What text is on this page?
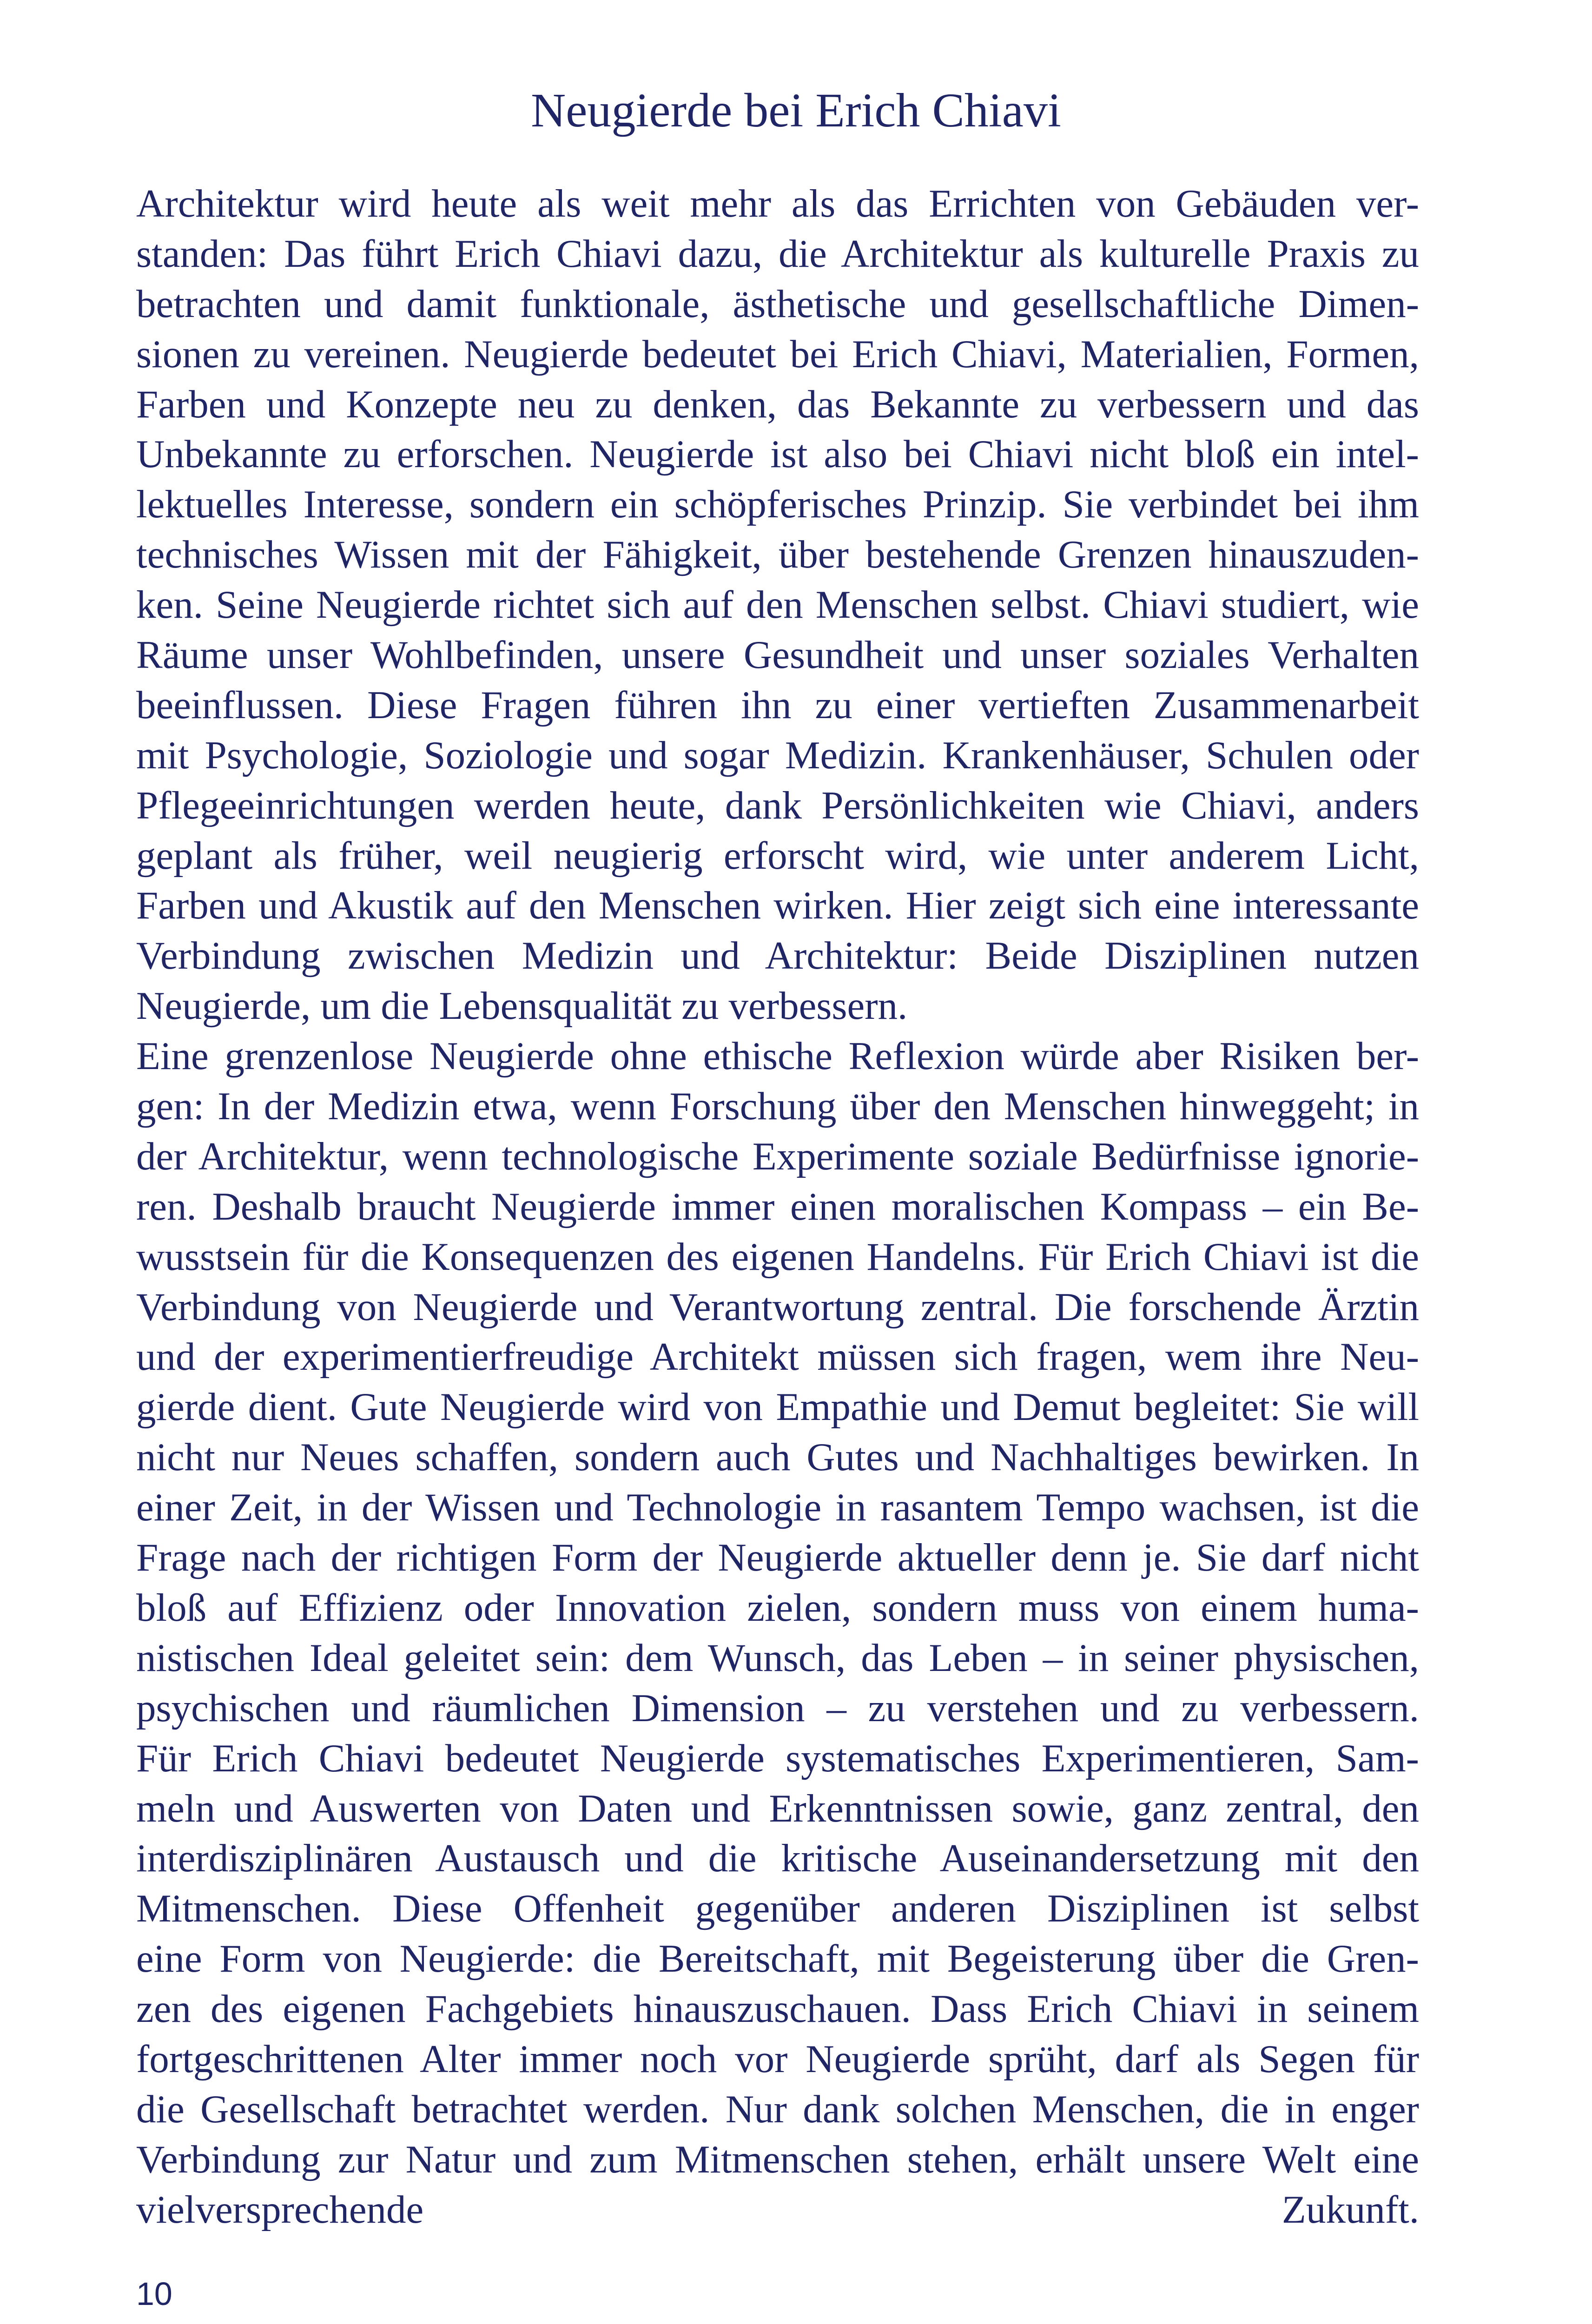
Neugierde bei Erich Chiavi
Architektur wird heute als weit mehr als das Errichten von Gebäuden ver-
standen: Das führt Erich Chiavi dazu, die Architektur als kulturelle Praxis zu
betrachten und damit funktionale, ästhetische und gesellschaftliche Dimen-
sionen zu vereinen. Neugierde bedeutet bei Erich Chiavi, Materialien, Formen,
Farben und Konzepte neu zu denken, das Bekannte zu verbessern und das
Unbekannte zu erforschen. Neugierde ist also bei Chiavi nicht bloß ein intel-
lektuelles Interesse, sondern ein schöpferisches Prinzip. Sie verbindet bei ihm
technisches Wissen mit der Fähigkeit, über bestehende Grenzen hinauszuden-
ken. Seine Neugierde richtet sich auf den Menschen selbst. Chiavi studiert, wie
Räume unser Wohlbefinden, unsere Gesundheit und unser soziales Verhalten
beeinflussen. Diese Fragen führen ihn zu einer vertieften Zusammenarbeit
mit Psychologie, Soziologie und sogar Medizin. Krankenhäuser, Schulen oder
Pflegeeinrichtungen werden heute, dank Persönlichkeiten wie Chiavi, anders
geplant als früher, weil neugierig erforscht wird, wie unter anderem Licht,
Farben und Akustik auf den Menschen wirken. Hier zeigt sich eine interessante
Verbindung zwischen Medizin und Architektur: Beide Disziplinen nutzen
Neugierde, um die Lebensqualität zu verbessern.
Eine grenzenlose Neugierde ohne ethische Reflexion würde aber Risiken ber-
gen: In der Medizin etwa, wenn Forschung über den Menschen hinweggeht; in
der Architektur, wenn technologische Experimente soziale Bedürfnisse ignorie-
ren. Deshalb braucht Neugierde immer einen moralischen Kompass – ein Be-
wusstsein für die Konsequenzen des eigenen Handelns. Für Erich Chiavi ist die
Verbindung von Neugierde und Verantwortung zentral. Die forschende Ärztin
und der experimentierfreudige Architekt müssen sich fragen, wem ihre Neu-
gierde dient. Gute Neugierde wird von Empathie und Demut begleitet: Sie will
nicht nur Neues schaffen, sondern auch Gutes und Nachhaltiges bewirken. In
einer Zeit, in der Wissen und Technologie in rasantem Tempo wachsen, ist die
Frage nach der richtigen Form der Neugierde aktueller denn je. Sie darf nicht
bloß auf Effizienz oder Innovation zielen, sondern muss von einem huma-
nistischen Ideal geleitet sein: dem Wunsch, das Leben – in seiner physischen,
psychischen und räumlichen Dimension – zu verstehen und zu verbessern.
Für Erich Chiavi bedeutet Neugierde systematisches Experimentieren, Sam-
meln und Auswerten von Daten und Erkenntnissen sowie, ganz zentral, den
interdisziplinären Austausch und die kritische Auseinandersetzung mit den
Mitmenschen. Diese Offenheit gegenüber anderen Disziplinen ist selbst
eine Form von Neugierde: die Bereitschaft, mit Begeisterung über die Gren-
zen des eigenen Fachgebiets hinauszuschauen. Dass Erich Chiavi in seinem
fortgeschrittenen Alter immer noch vor Neugierde sprüht, darf als Segen für
die Gesellschaft betrachtet werden. Nur dank solchen Menschen, die in enger
Verbindung zur Natur und zum Mitmenschen stehen, erhält unsere Welt eine
vielversprechende Zukunft.
10
